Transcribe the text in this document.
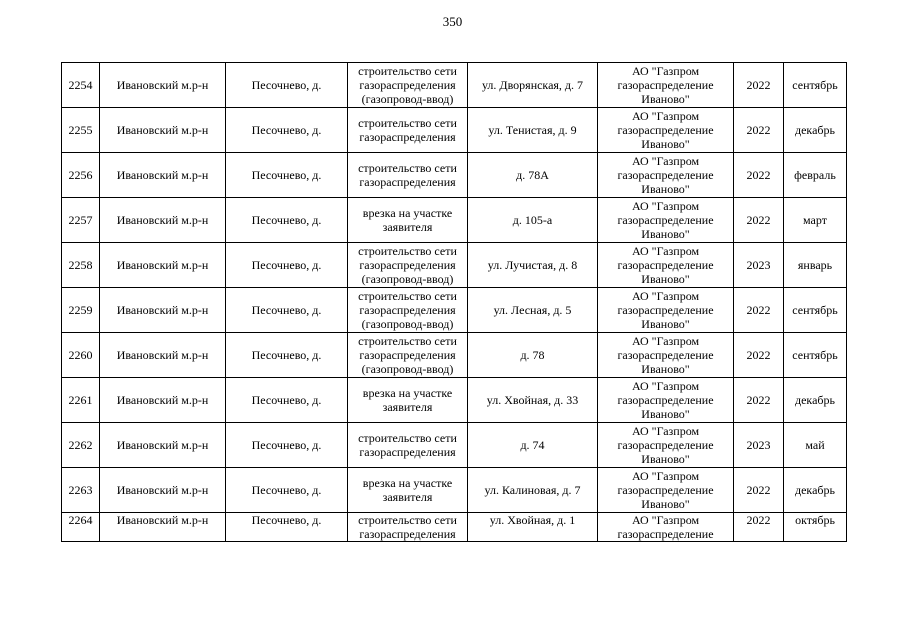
350
2254	Ивановский м.р-н	Песочнево, д.	строительство сети
газораспределения
(газопровод-ввод)	ул. Дворянская, д. 7	АО "Газпром
газораспределение
Иваново"	2022	сентябрь
2255	Ивановский м.р-н	Песочнево, д.	строительство сети
газораспределения	ул. Тенистая, д. 9	АО "Газпром
газораспределение
Иваново"	2022	декабрь
2256	Ивановский м.р-н	Песочнево, д.	строительство сети
газораспределения	д. 78А	АО "Газпром
газораспределение
Иваново"	2022	февраль
2257	Ивановский м.р-н	Песочнево, д.	врезка на участке
заявителя	д. 105-а	АО "Газпром
газораспределение
Иваново"	2022	март
2258	Ивановский м.р-н	Песочнево, д.	строительство сети
газораспределения
(газопровод-ввод)	ул. Лучистая, д. 8	АО "Газпром
газораспределение
Иваново"	2023	январь
2259	Ивановский м.р-н	Песочнево, д.	строительство сети
газораспределения
(газопровод-ввод)	ул. Лесная, д. 5	АО "Газпром
газораспределение
Иваново"	2022	сентябрь
2260	Ивановский м.р-н	Песочнево, д.	строительство сети
газораспределения
(газопровод-ввод)	д. 78	АО "Газпром
газораспределение
Иваново"	2022	сентябрь
2261	Ивановский м.р-н	Песочнево, д.	врезка на участке
заявителя	ул. Хвойная, д. 33	АО "Газпром
газораспределение
Иваново"	2022	декабрь
2262	Ивановский м.р-н	Песочнево, д.	строительство сети
газораспределения	д. 74	АО "Газпром
газораспределение
Иваново"	2023	май
2263	Ивановский м.р-н	Песочнево, д.	врезка на участке
заявителя	ул. Калиновая, д. 7	АО "Газпром
газораспределение
Иваново"	2022	декабрь
2264	Ивановский м.р-н	Песочнево, д.	строительство сети
газораспределения	ул. Хвойная, д. 1	АО "Газпром
газораспределение	2022	октябрь
